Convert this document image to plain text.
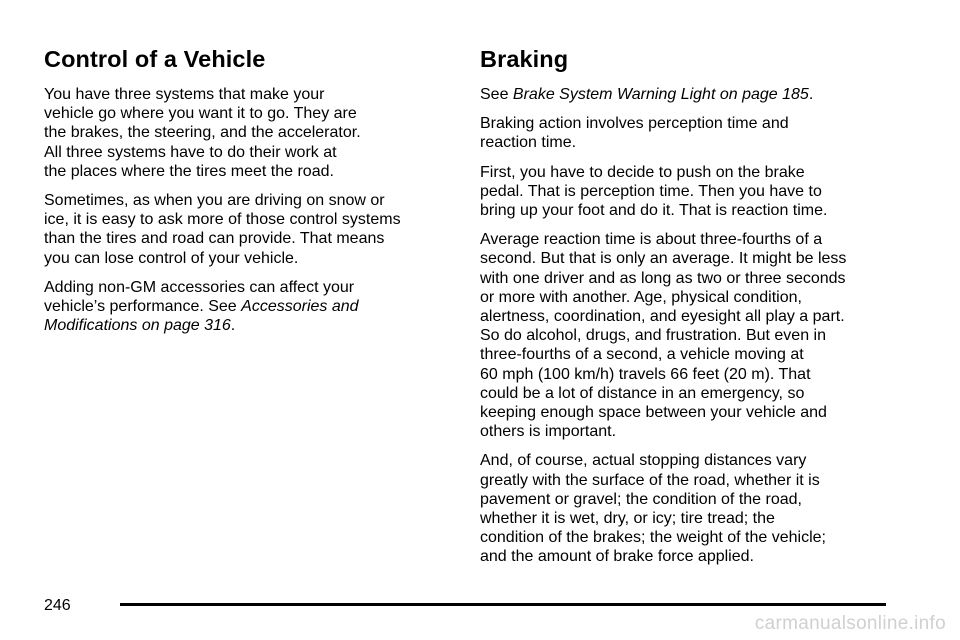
Control of a Vehicle

You have three systems that make your
vehicle go where you want it to go. They are
the brakes, the steering, and the accelerator.
All three systems have to do their work at
the places where the tires meet the road.

Sometimes, as when you are driving on snow or
ice, it is easy to ask more of those control systems
than the tires and road can provide. That means
you can lose control of your vehicle.

Adding non-GM accessories can affect your
vehicle’s performance. See Accessories and
Modifications on page 316.

Braking

See Brake System Warning Light on page 185.

Braking action involves perception time and
reaction time.

First, you have to decide to push on the brake
pedal. That is perception time. Then you have to
bring up your foot and do it. That is reaction time.

Average reaction time is about three-fourths of a
second. But that is only an average. It might be less
with one driver and as long as two or three seconds
or more with another. Age, physical condition,
alertness, coordination, and eyesight all play a part.
So do alcohol, drugs, and frustration. But even in
three-fourths of a second, a vehicle moving at
60 mph (100 km/h) travels 66 feet (20 m). That
could be a lot of distance in an emergency, so
keeping enough space between your vehicle and
others is important.

And, of course, actual stopping distances vary
greatly with the surface of the road, whether it is
pavement or gravel; the condition of the road,
whether it is wet, dry, or icy; tire tread; the
condition of the brakes; the weight of the vehicle;
and the amount of brake force applied.

246
carmanualsonline.info
